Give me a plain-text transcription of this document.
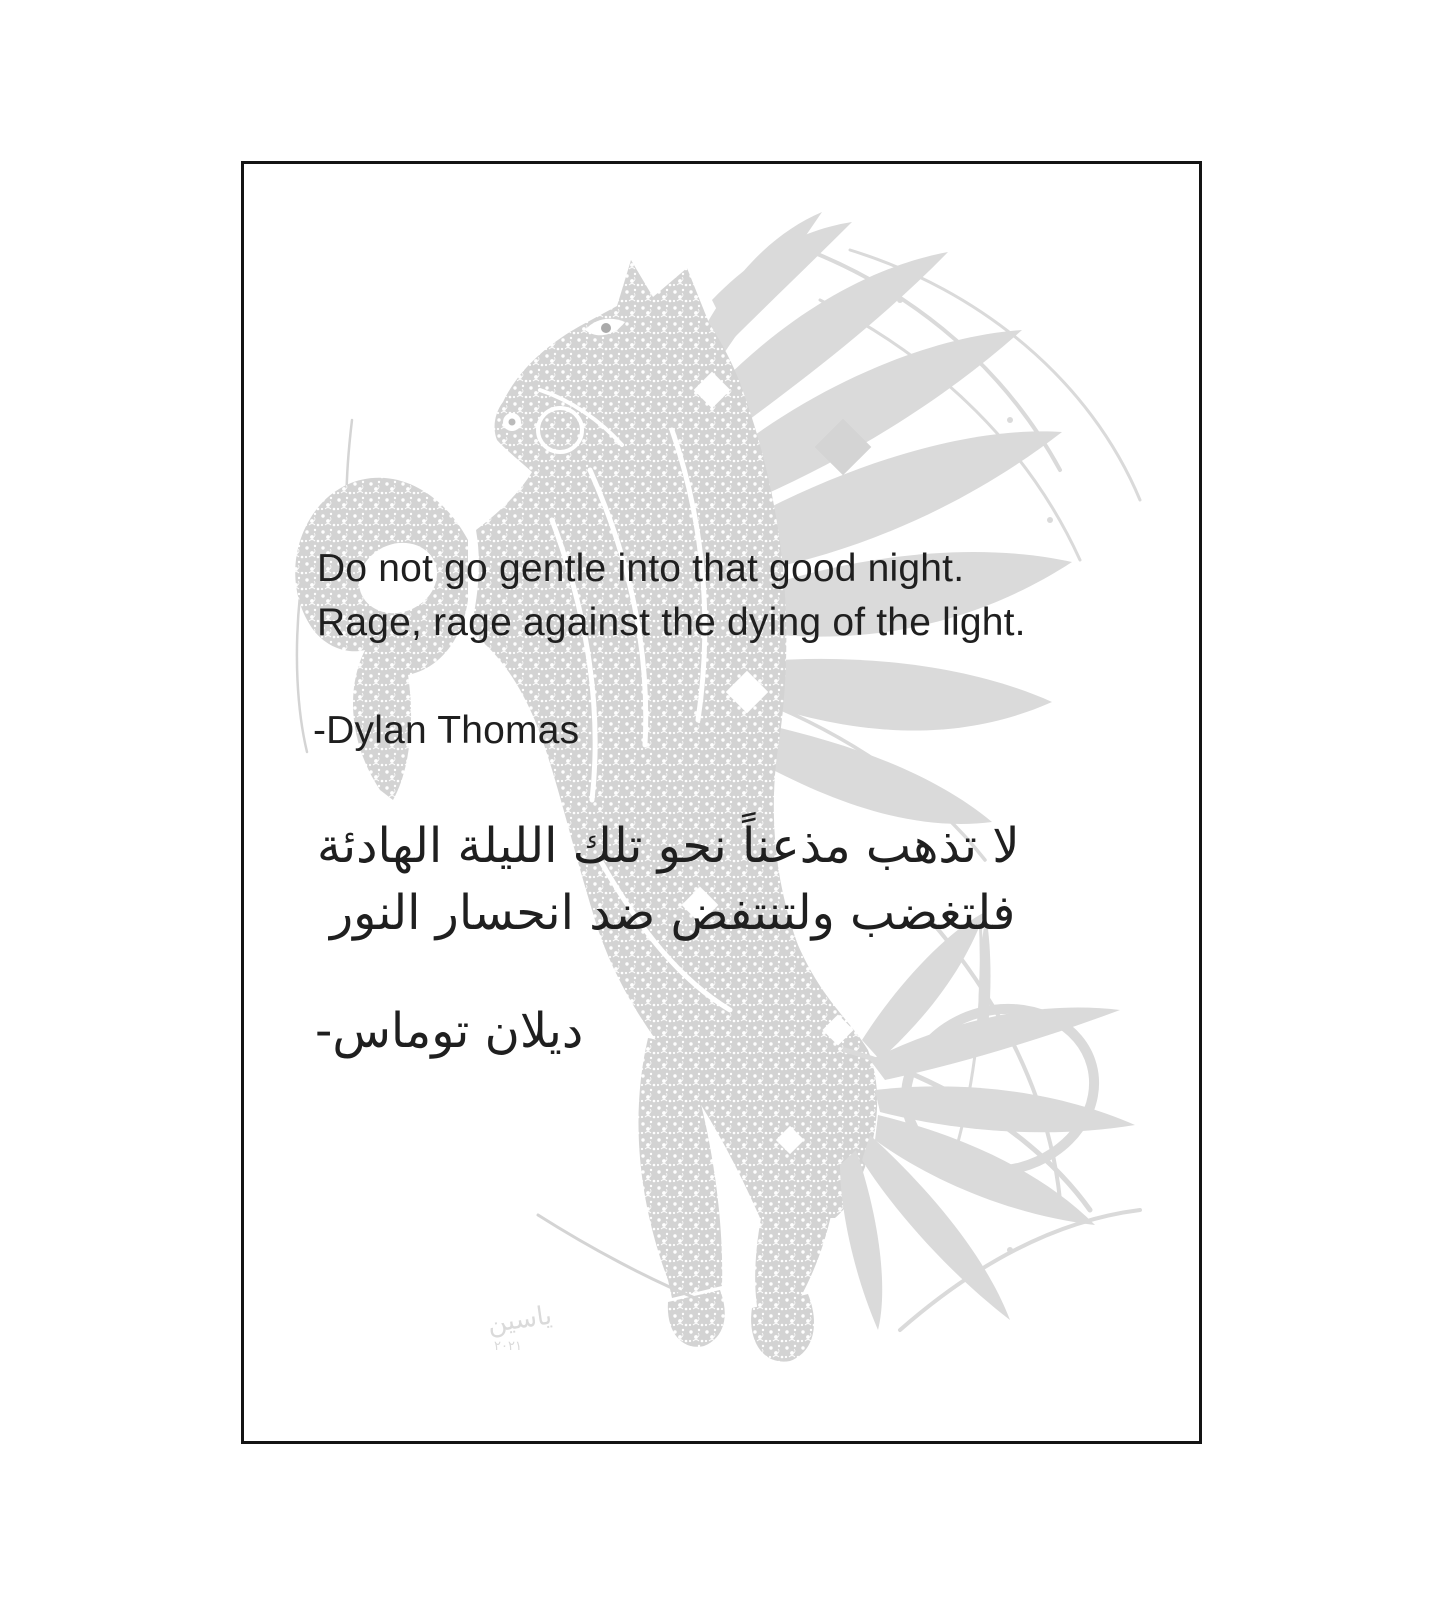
ياسين
٢٠٢١
Do not go gentle into that good night.
Rage, rage against the dying of the light.
-Dylan Thomas
لا تذهب مذعناً نحو تلك الليلة الهادئة
فلتغضب ولتنتفض ضد انحسار النور
ديلان توماس-
